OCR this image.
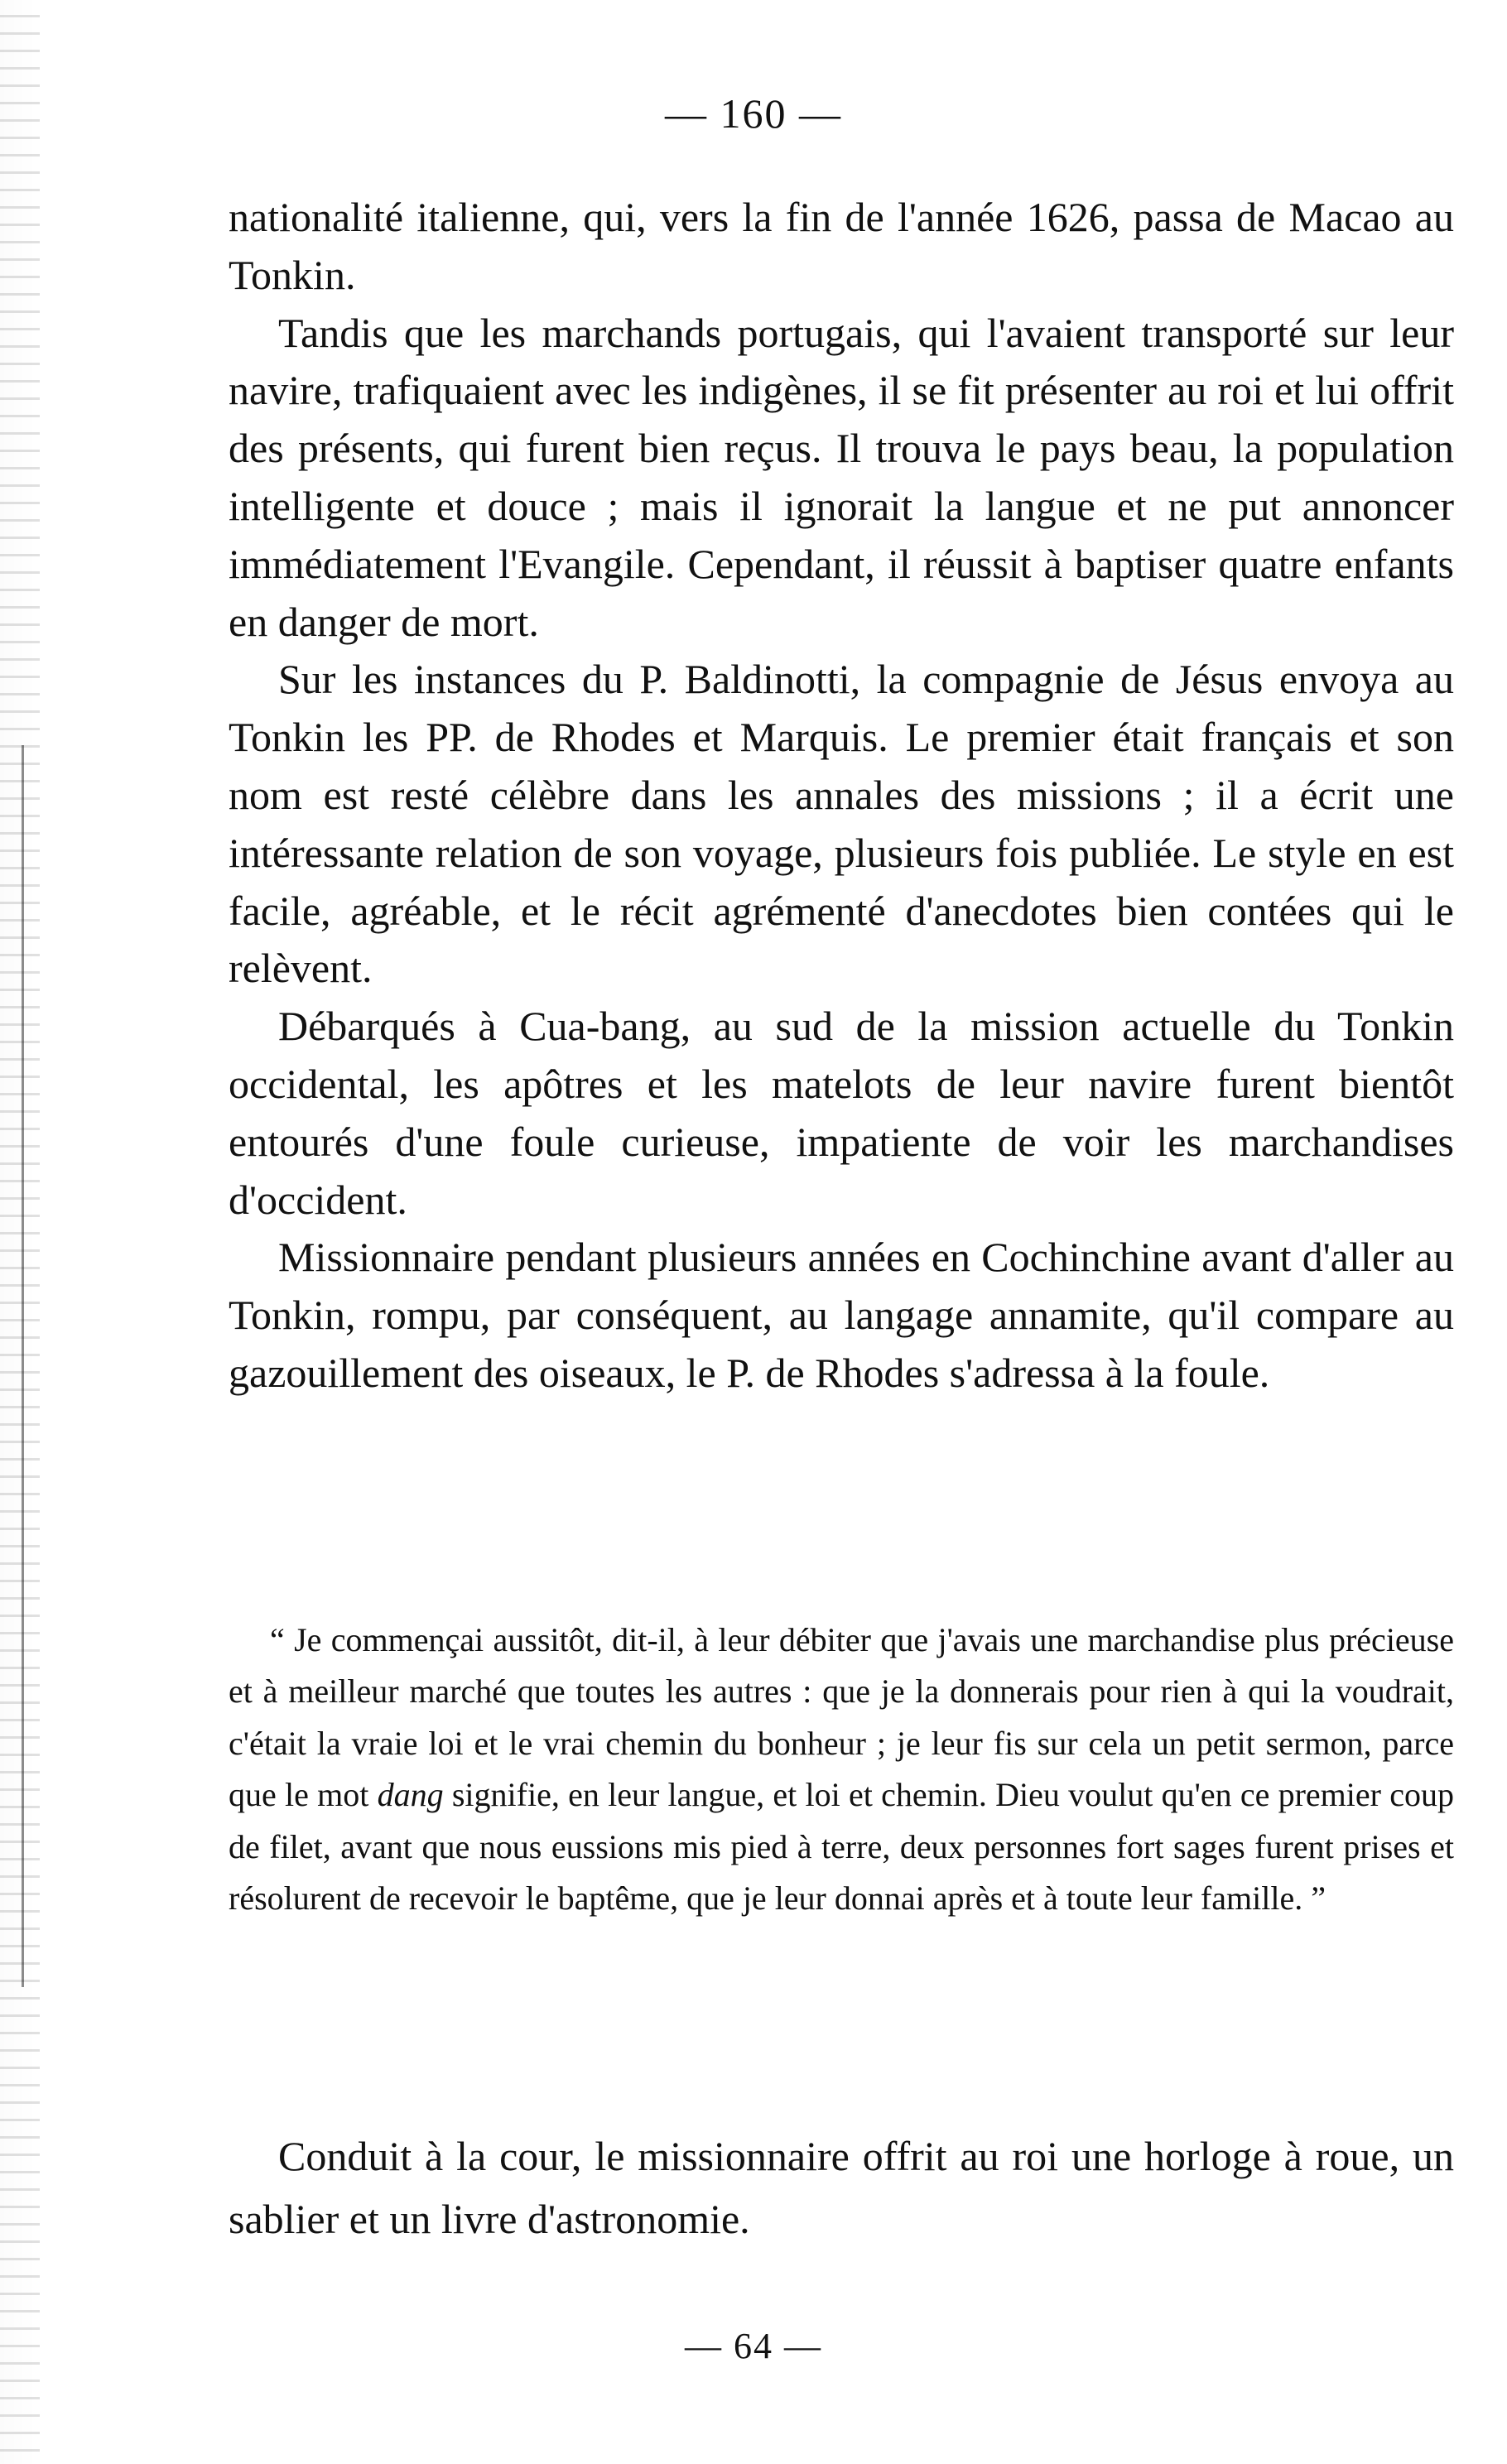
— 160 —

nationalité italienne, qui, vers la fin de l'année 1626, passa de Macao au Tonkin.

Tandis que les marchands portugais, qui l'avaient transporté sur leur navire, trafiquaient avec les indigènes, il se fit présenter au roi et lui offrit des présents, qui furent bien reçus. Il trouva le pays beau, la population intelligente et douce ; mais il ignorait la langue et ne put annoncer immédiatement l'Evangile. Cependant, il réussit à baptiser quatre enfants en danger de mort.

Sur les instances du P. Baldinotti, la compagnie de Jésus envoya au Tonkin les PP. de Rhodes et Marquis. Le premier était français et son nom est resté célèbre dans les annales des missions ; il a écrit une intéressante relation de son voyage, plusieurs fois publiée. Le style en est facile, agréable, et le récit agrémenté d'anecdotes bien contées qui le relèvent.

Débarqués à Cua-bang, au sud de la mission actuelle du Tonkin occidental, les apôtres et les matelots de leur navire furent bientôt entourés d'une foule curieuse, impatiente de voir les marchandises d'occident.

Missionnaire pendant plusieurs années en Cochinchine avant d'aller au Tonkin, rompu, par conséquent, au langage annamite, qu'il compare au gazouillement des oiseaux, le P. de Rhodes s'adressa à la foule.

“ Je commençai aussitôt, dit-il, à leur débiter que j'avais une marchandise plus précieuse et à meilleur marché que toutes les autres : que je la donnerais pour rien à qui la voudrait, c'était la vraie loi et le vrai chemin du bonheur ; je leur fis sur cela un petit sermon, parce que le mot dang signifie, en leur langue, et loi et chemin. Dieu voulut qu'en ce premier coup de filet, avant que nous eussions mis pied à terre, deux personnes fort sages furent prises et résolurent de recevoir le baptême, que je leur donnai après et à toute leur famille. ”

Conduit à la cour, le missionnaire offrit au roi une horloge à roue, un sablier et un livre d'astronomie.

— 64 —
